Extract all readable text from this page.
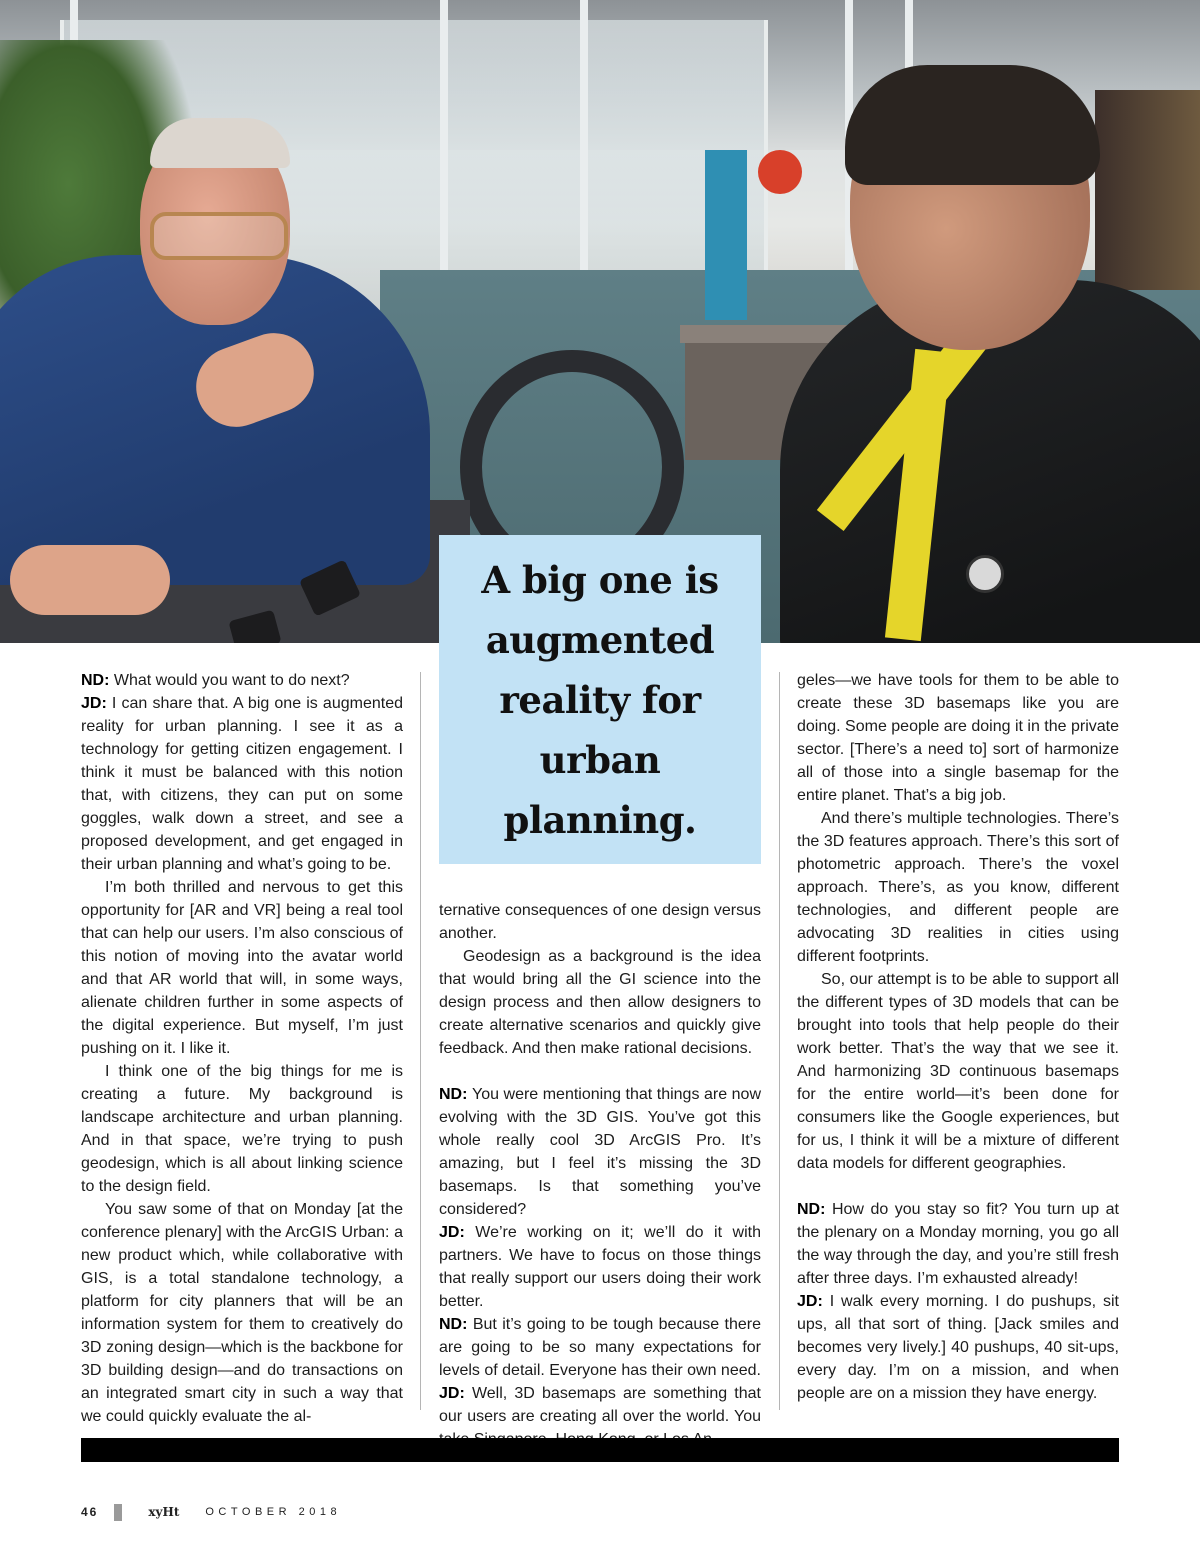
A big one is augmented reality for urban planning.

ND: What would you want to do next?

JD: I can share that. A big one is augmented reality for urban planning. I see it as a technology for getting citizen engagement. I think it must be balanced with this notion that, with citizens, they can put on some goggles, walk down a street, and see a proposed development, and get engaged in their urban planning and what’s going to be.

I’m both thrilled and nervous to get this opportunity for [AR and VR] being a real tool that can help our users. I’m also conscious of this notion of moving into the avatar world and that AR world that will, in some ways, alienate children further in some aspects of the digital experience. But myself, I’m just pushing on it. I like it.

I think one of the big things for me is creating a future. My background is landscape architecture and urban planning. And in that space, we’re trying to push geodesign, which is all about linking science to the design field.

You saw some of that on Monday [at the conference plenary] with the ArcGIS Urban: a new product which, while collaborative with GIS, is a total standalone technology, a platform for city planners that will be an information system for them to creatively do 3D zoning design—which is the backbone for 3D building design—and do transactions on an integrated smart city in such a way that we could quickly evaluate the al-

ternative consequences of one design versus another.

Geodesign as a background is the idea that would bring all the GI science into the design process and then allow designers to create alternative scenarios and quickly give feedback. And then make rational decisions.

ND: You were mentioning that things are now evolving with the 3D GIS. You’ve got this whole really cool 3D ArcGIS Pro. It’s amazing, but I feel it’s missing the 3D basemaps. Is that something you’ve considered?

JD: We’re working on it; we’ll do it with partners. We have to focus on those things that really support our users doing their work better.

ND: But it’s going to be tough because there are going to be so many expectations for levels of detail. Everyone has their own need.

JD: Well, 3D basemaps are something that our users are creating all over the world. You

geles—we have tools for them to be able to create these 3D basemaps like you are doing. Some people are doing it in the private sector. [There’s a need to] sort of harmonize all of those into a single basemap for the entire planet. That’s a big job.

And there’s multiple technologies. There’s the 3D features approach. There’s this sort of photometric approach. There’s the voxel approach. There’s, as you know, different technologies, and different people are advocating 3D realities in cities using different footprints.

So, our attempt is to be able to support all the different types of 3D models that can be brought into tools that help people do their work better. That’s the way that we see it. And harmonizing 3D continuous basemaps for the entire world—it’s been done for consumers like the Google experiences, but for us, I think it will be a mixture of different data models for different geographies.

ND: How do you stay so fit? You turn up at the plenary on a Monday morning, you go all the way through the day, and you’re still fresh after three days. I’m exhausted already!

JD: I walk every morning. I do pushups, sit ups, all that sort of thing. [Jack smiles and becomes very lively.] 40 pushups, 40 sit-ups, every day. I’m on a mission, and when people are on a mission they have energy.

46	xyHt OCTOBER 2018
